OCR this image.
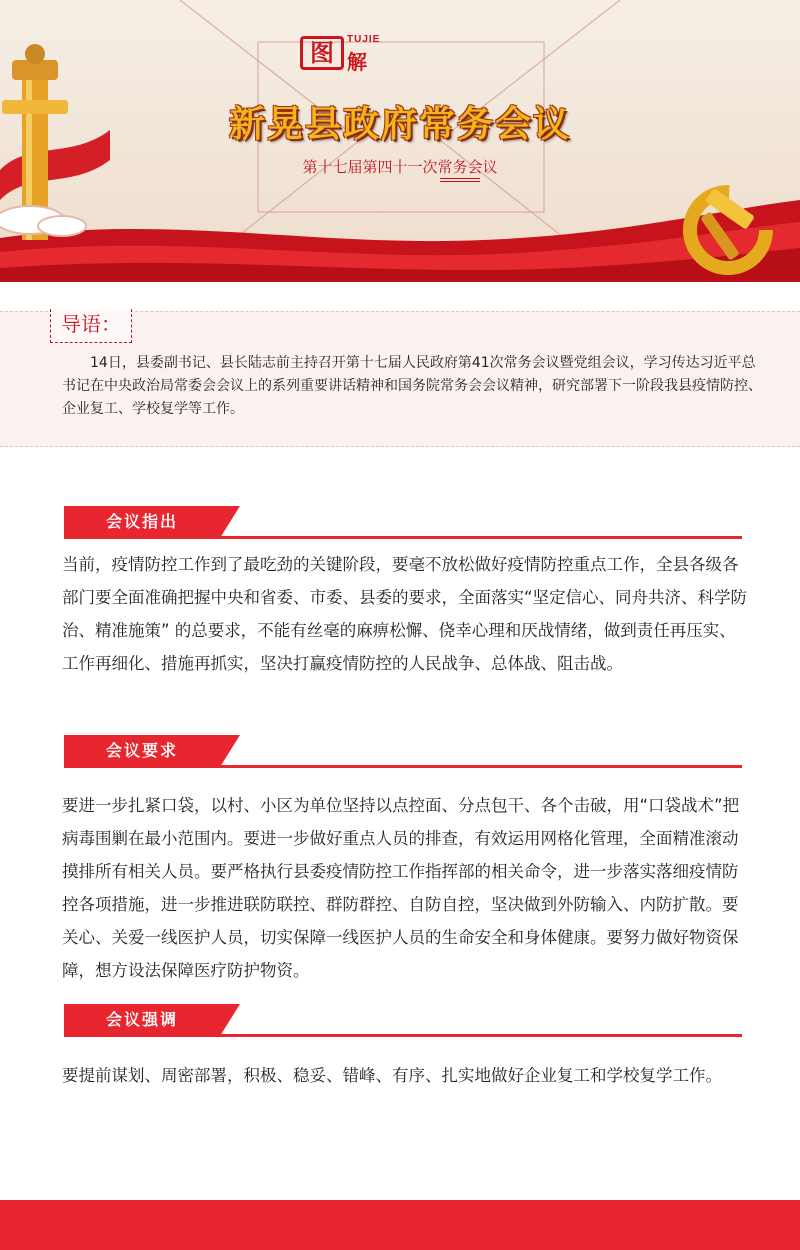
图	TUJIE
解
新晃县政府常务会议
第十七届第四十一次常务会议
导语：
14日，县委副书记、县长陆志前主持召开第十七届人民政府第41次常务会议暨党组会议，学习传达习近平总书记在中央政治局常委会会议上的系列重要讲话精神和国务院常务会会议精神，研究部署下一阶段我县疫情防控、企业复工、学校复学等工作。
会议指出
当前，疫情防控工作到了最吃劲的关键阶段，要毫不放松做好疫情防控重点工作，全县各级各部门要全面准确把握中央和省委、市委、县委的要求，全面落实“坚定信心、同舟共济、科学防治、精准施策” 的总要求，不能有丝毫的麻痹松懈、侥幸心理和厌战情绪，做到责任再压实、工作再细化、措施再抓实，坚决打赢疫情防控的人民战争、总体战、阻击战。
会议要求
要进一步扎紧口袋，以村、小区为单位坚持以点控面、分点包干、各个击破，用“口袋战术”把病毒围剿在最小范围内。要进一步做好重点人员的排查，有效运用网格化管理，全面精准滚动摸排所有相关人员。要严格执行县委疫情防控工作指挥部的相关命令，进一步落实落细疫情防控各项措施，进一步推进联防联控、群防群控、自防自控，坚决做到外防输入、内防扩散。要关心、关爱一线医护人员，切实保障一线医护人员的生命安全和身体健康。要努力做好物资保障，想方设法保障医疗防护物资。
会议强调
要提前谋划、周密部署，积极、稳妥、错峰、有序、扎实地做好企业复工和学校复学工作。
